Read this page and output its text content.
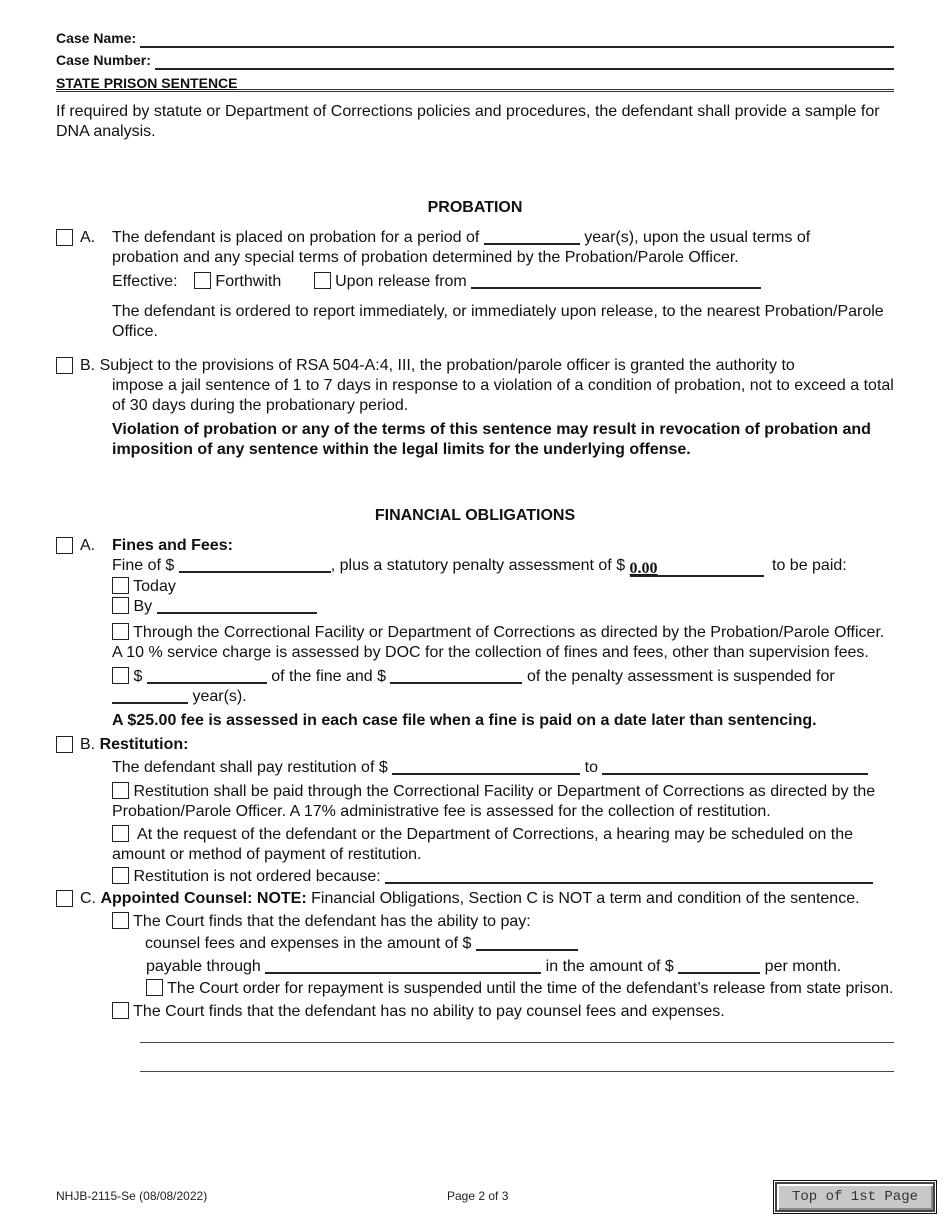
Case Name:
Case Number:
STATE PRISON SENTENCE

If required by statute or Department of Corrections policies and procedures, the defendant shall provide a sample for DNA analysis.

PROBATION
A.	The defendant is placed on probation for a period of	year(s), upon the usual terms of
probation and any special terms of probation determined by the Probation/Parole Officer.
Effective: Forthwith	Upon release from
The defendant is ordered to report immediately, or immediately upon release, to the nearest Probation/Parole Office.
B. Subject to the provisions of RSA 504-A:4, III, the probation/parole officer is granted the authority to
impose a jail sentence of 1 to 7 days in response to a violation of a condition of probation, not to exceed a total of 30 days during the probationary period.
Violation of probation or any of the terms of this sentence may result in revocation of probation and imposition of any sentence within the legal limits for the underlying offense.
FINANCIAL OBLIGATIONS
A. Fines and Fees:
Fine of $	, plus a statutory penalty assessment of $ 0.00	to be paid:
Today
By
Through the Correctional Facility or Department of Corrections as directed by the Probation/Parole Officer. A 10 % service charge is assessed by DOC for the collection of fines and fees, other than supervision fees.
$	of the fine and $	of the penalty assessment is suspended for
year(s).
A $25.00 fee is assessed in each case file when a fine is paid on a date later than sentencing.
B. Restitution:
The defendant shall pay restitution of $	to
Restitution shall be paid through the Correctional Facility or Department of Corrections as directed by the Probation/Parole Officer. A 17% administrative fee is assessed for the collection of restitution.
At the request of the defendant or the Department of Corrections, a hearing may be scheduled on the amount or method of payment of restitution.
Restitution is not ordered because:
C. Appointed Counsel: NOTE: Financial Obligations, Section C is NOT a term and condition of the sentence.
The Court finds that the defendant has the ability to pay:
counsel fees and expenses in the amount of $
payable through	in the amount of $	per month.
The Court order for repayment is suspended until the time of the defendant’s release from state prison.
The Court finds that the defendant has no ability to pay counsel fees and expenses.
NHJB-2115-Se (08/08/2022)	Page 2 of 3	Top of 1st Page
